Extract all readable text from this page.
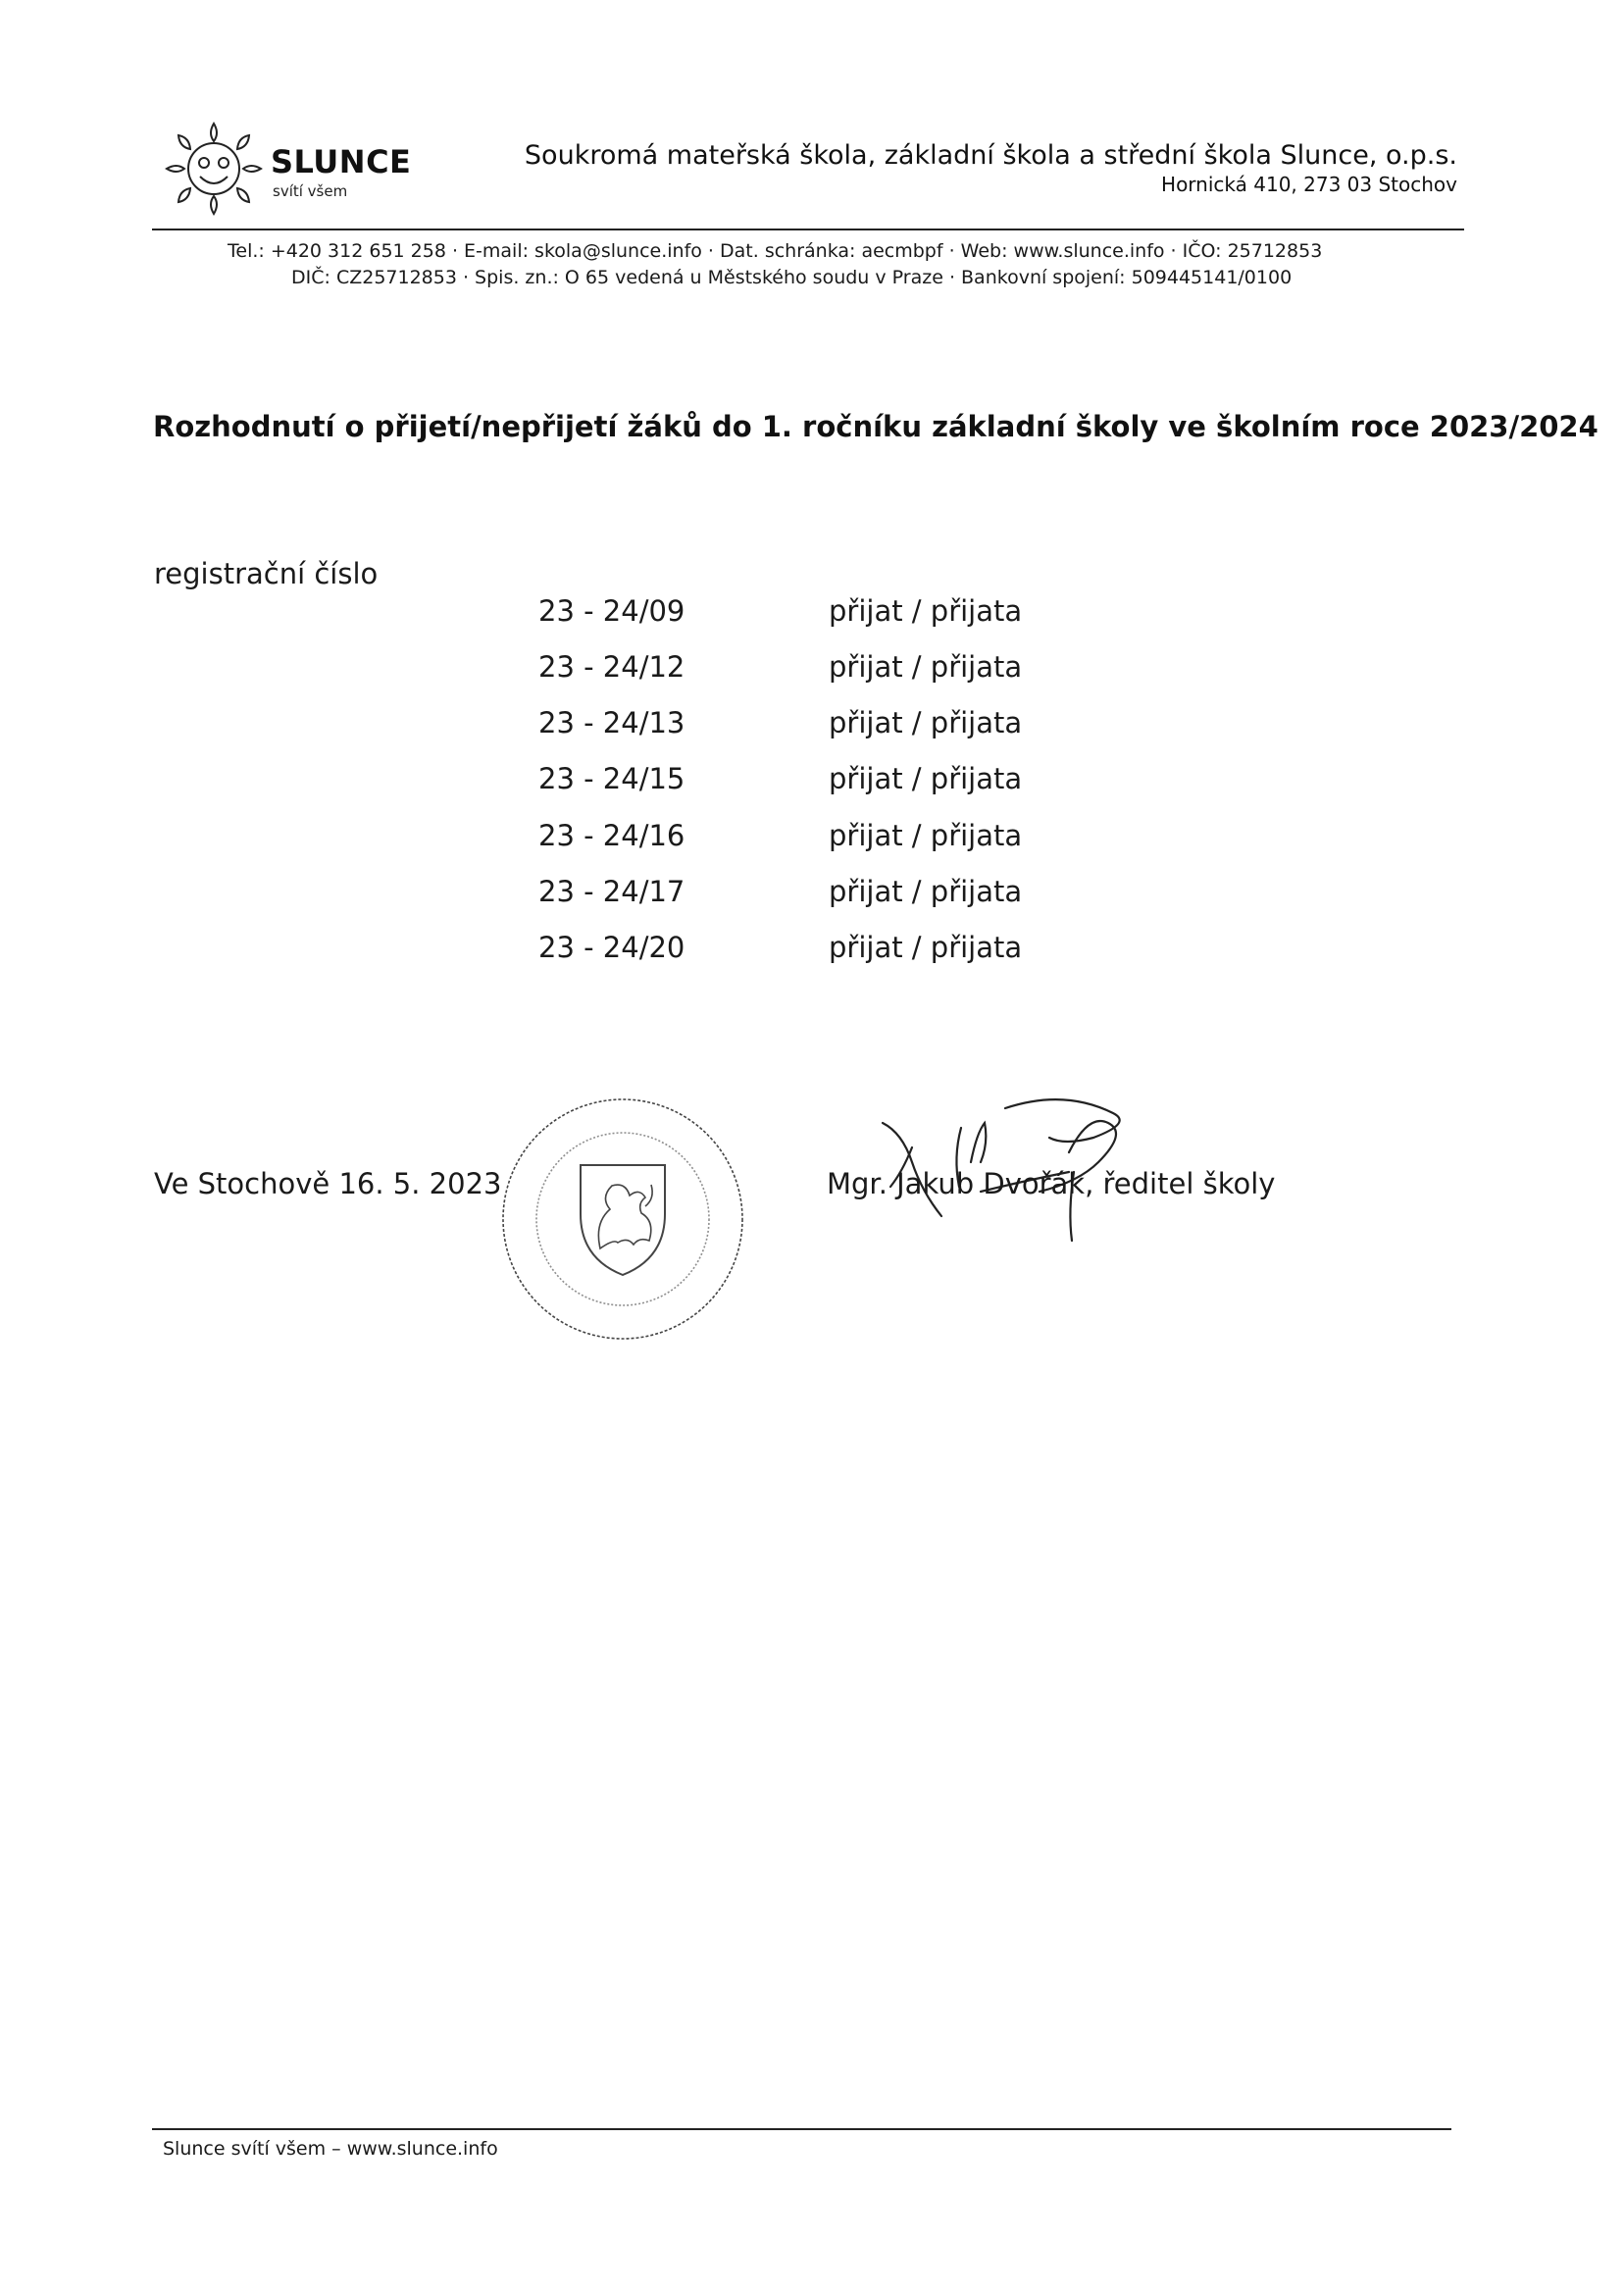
SLUNCE
svítí všem
Soukromá mateřská škola, základní škola a střední škola Slunce, o.p.s.
Hornická 410, 273 03 Stochov
Tel.: +420 312 651 258 · E-mail: skola@slunce.info · Dat. schránka: aecmbpf · Web: www.slunce.info · IČO: 25712853
DIČ: CZ25712853 · Spis. zn.: O 65 vedená u Městského soudu v Praze · Bankovní spojení: 509445141/0100
Rozhodnutí o přijetí/nepřijetí žáků do 1. ročníku základní školy ve školním roce 2023/2024
registrační číslo
23 - 24/09	přijat / přijata
23 - 24/12	přijat / přijata
23 - 24/13	přijat / přijata
23 - 24/15	přijat / přijata
23 - 24/16	přijat / přijata
23 - 24/17	přijat / přijata
23 - 24/20	přijat / přijata
Ve Stochově 16. 5. 2023	Mgr. Jakub Dvořák, ředitel školy
Slunce svítí všem – www.slunce.info
